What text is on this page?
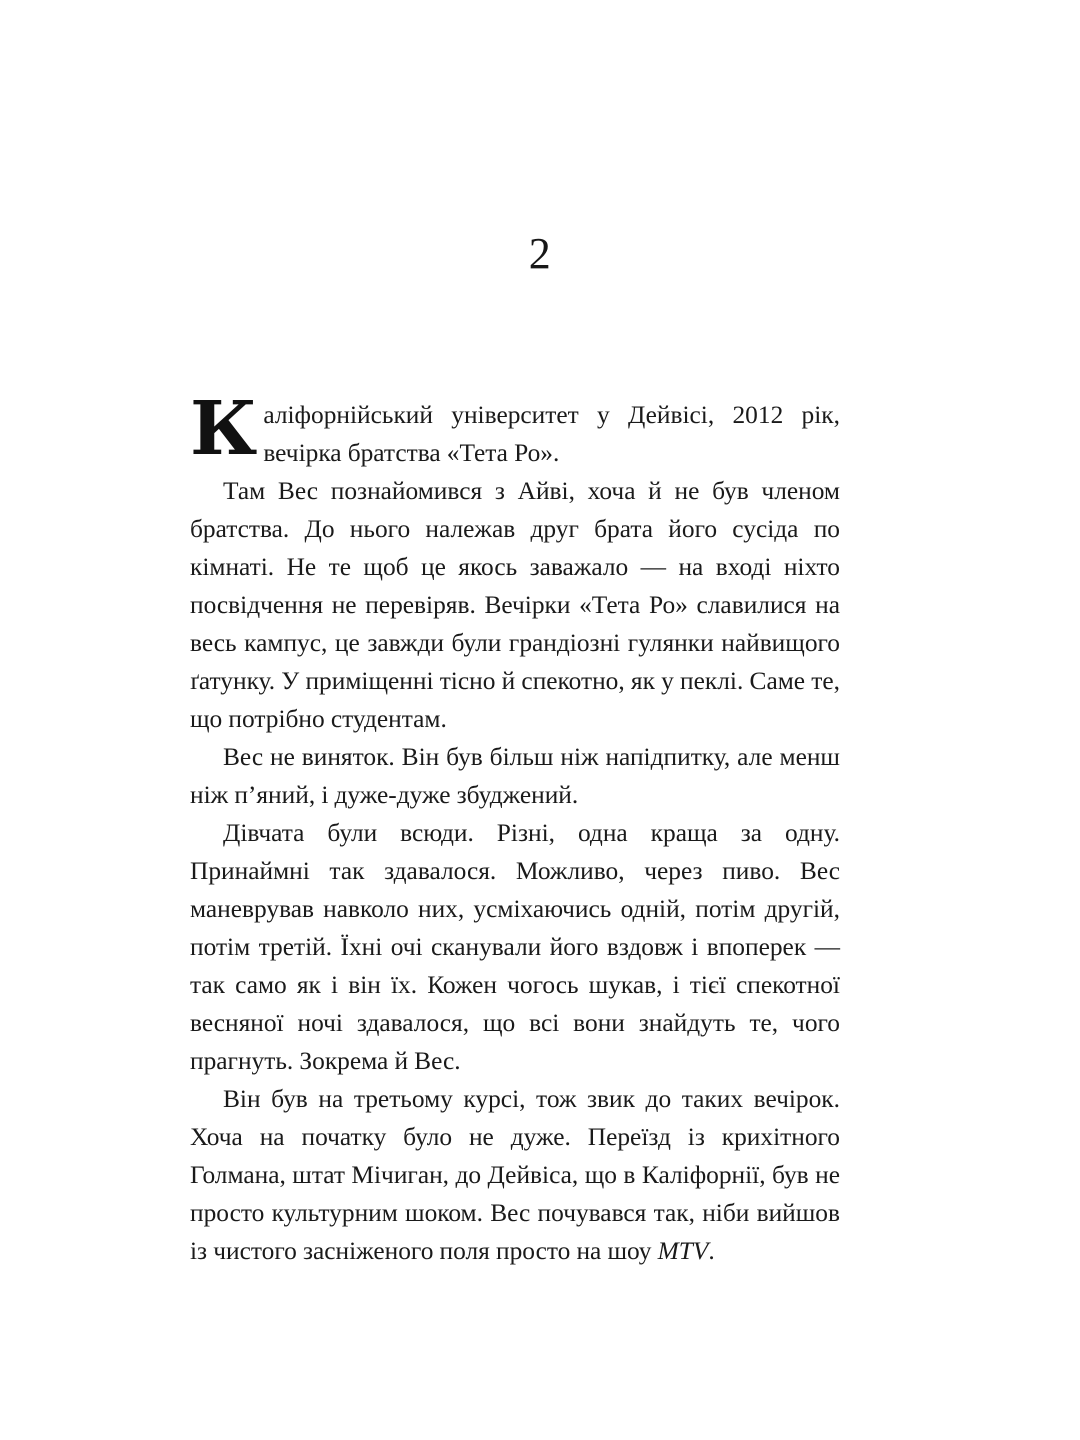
2

Каліфорнійський університет у Дейвісі, 2012 рік, вечірка братства «Тета Ро».

Там Вес познайомився з Айві, хоча й не був членом братства. До нього належав друг брата його сусіда по кімнаті. Не те щоб це якось заважало — на вході ніхто посвідчення не перевіряв. Вечірки «Тета Ро» славилися на весь кампус, це завжди були грандіозні гулянки найвищого ґатунку. У приміщенні тісно й спекотно, як у пеклі. Саме те, що потрібно студентам.

Вес не виняток. Він був більш ніж напідпитку, але менш ніж п’яний, і дуже-дуже збуджений.

Дівчата були всюди. Різні, одна краща за одну. Принаймні так здавалося. Можливо, через пиво. Вес маневрував навколо них, усміхаючись одній, потім другій, потім третій. Їхні очі сканували його вздовж і впоперек — так само як і він їх. Кожен чогось шукав, і тієї спекотної весняної ночі здавалося, що всі вони знайдуть те, чого прагнуть. Зокрема й Вес.

Він був на третьому курсі, тож звик до таких вечірок. Хоча на початку було не дуже. Переїзд із крихітного Голмана, штат Мічиган, до Дейвіса, що в Каліфорнії, був не просто культурним шоком. Вес почувався так, ніби вийшов із чистого засніженого поля просто на шоу MTV.
